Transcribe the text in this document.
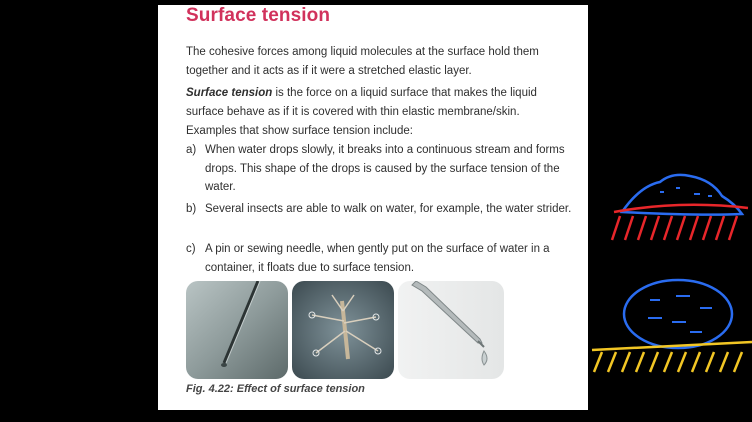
Surface tension
The cohesive forces among liquid molecules at the surface hold them together and it acts as if it were a stretched elastic layer.
Surface tension is the force on a liquid surface that makes the liquid surface behave as if it is covered with thin elastic membrane/skin.
Examples that show surface tension include:
a) When water drops slowly, it breaks into a continuous stream and forms drops. This shape of the drops is caused by the surface tension of the water.
b) Several insects are able to walk on water, for example, the water strider.
c) A pin or sewing needle, when gently put on the surface of water in a container, it floats due to surface tension.
Fig. 4.22: Effect of surface tension
